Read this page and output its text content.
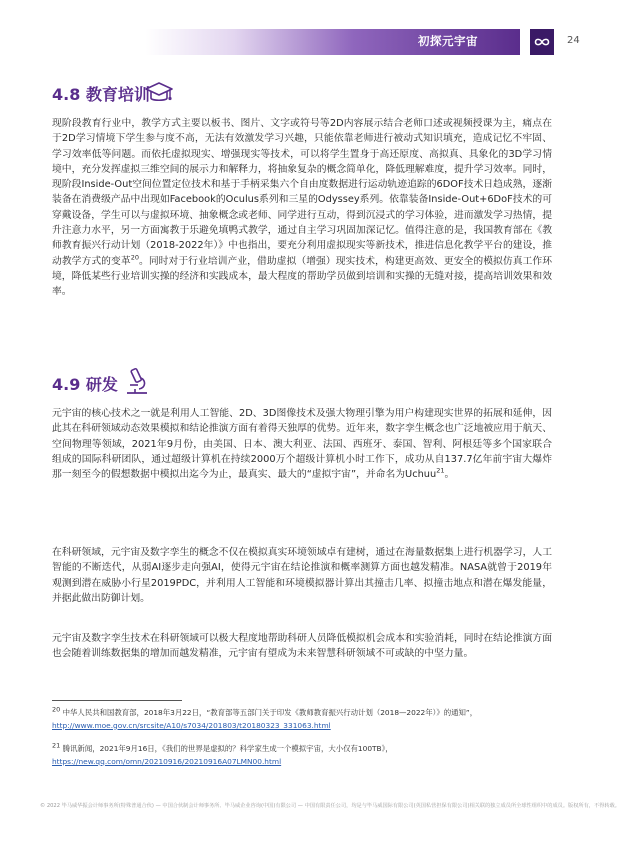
初探元宇宙	24
4.8 教育培训

现阶段教育行业中，教学方式主要以板书、图片、文字或符号等2D内容展示结合老师口述或视频授课为主，痛点在于2D学习情境下学生参与度不高，无法有效激发学习兴趣，只能依靠老师进行被动式知识填充，造成记忆不牢固、学习效率低等问题。而依托虚拟现实、增强现实等技术，可以将学生置身于高还原度、高拟真、具象化的3D学习情境中，充分发挥虚拟三维空间的展示力和解释力，将抽象复杂的概念简单化，降低理解难度，提升学习效率。同时，现阶段Inside-Out空间位置定位技术和基于手柄采集六个自由度数据进行运动轨迹追踪的6DOF技术日趋成熟，逐渐装备在消费级产品中出现如Facebook的Oculus系列和三星的Odyssey系列。依靠装备Inside-Out+6DoF技术的可穿戴设备，学生可以与虚拟环境、抽象概念或老师、同学进行互动，得到沉浸式的学习体验，进而激发学习热情，提升注意力水平，另一方面寓教于乐避免填鸭式教学，通过自主学习巩固加深记忆。值得注意的是，我国教育部在《教师教育振兴行动计划（2018-2022年）》中也指出，要充分利用虚拟现实等新技术，推进信息化教学平台的建设，推动教学方式的变革$^{20}$。同时对于行业培训产业，借助虚拟（增强）现实技术，构建更高效、更安全的模拟仿真工作环境，降低某些行业培训实操的经济和实践成本，最大程度的帮助学员做到培训和实操的无缝对接，提高培训效果和效率。

4.9 研发

元宇宙的核心技术之一就是利用人工智能、2D、3D图像技术及强大物理引擎为用户构建现实世界的拓展和延伸，因此其在科研领域动态效果模拟和结论推演方面有着得天独厚的优势。近年来，数字孪生概念也广泛地被应用于航天、空间物理等领域，2021年9月份，由美国、日本、澳大利亚、法国、西班牙、泰国、智利、阿根廷等多个国家联合组成的国际科研团队，通过超级计算机在持续2000万个超级计算机小时工作下，成功从自137.7亿年前宇宙大爆炸那一刻至今的假想数据中模拟出迄今为止，最真实、最大的“虚拟宇宙”，并命名为Uchuu$^{21}$。

在科研领域，元宇宙及数字孪生的概念不仅在模拟真实环境领域卓有建树，通过在海量数据集上进行机器学习，人工智能的不断迭代，从弱AI逐步走向强AI，使得元宇宙在结论推演和概率测算方面也越发精准。NASA就曾于2019年观测到潜在威胁小行星2019PDC，并利用人工智能和环境模拟器计算出其撞击几率、拟撞击地点和潜在爆发能量，并据此做出防御计划。

元宇宙及数字孪生技术在科研领域可以极大程度地帮助科研人员降低模拟机会成本和实验消耗，同时在结论推演方面也会随着训练数据集的增加而越发精准，元宇宙有望成为未来智慧科研领域不可或缺的中坚力量。

$^{20}$ 中华人民共和国教育部，2018年3月22日，“教育部等五部门关于印发《教师教育振兴行动计划（2018—2022年）》的通知”，http://www.moe.gov.cn/srcsite/A10/s7034/201803/t20180323_331063.html

$^{21}$ 腾讯新闻，2021年9月16日，《我们的世界是虚拟的？科学家生成一个模拟宇宙，大小仅有100TB》，
https://new.qq.com/omn/20210916/20210916A07LMN00.html

© 2022 毕马威华振会计师事务所(特殊普通合伙) — 中国合伙制会计师事务所、毕马威企业咨询(中国)有限公司 — 中国有限责任公司，均是与毕马威国际有限公司(英国私营担保有限公司)相关联的独立成员所全球性组织中的成员。版权所有，不得转载。
